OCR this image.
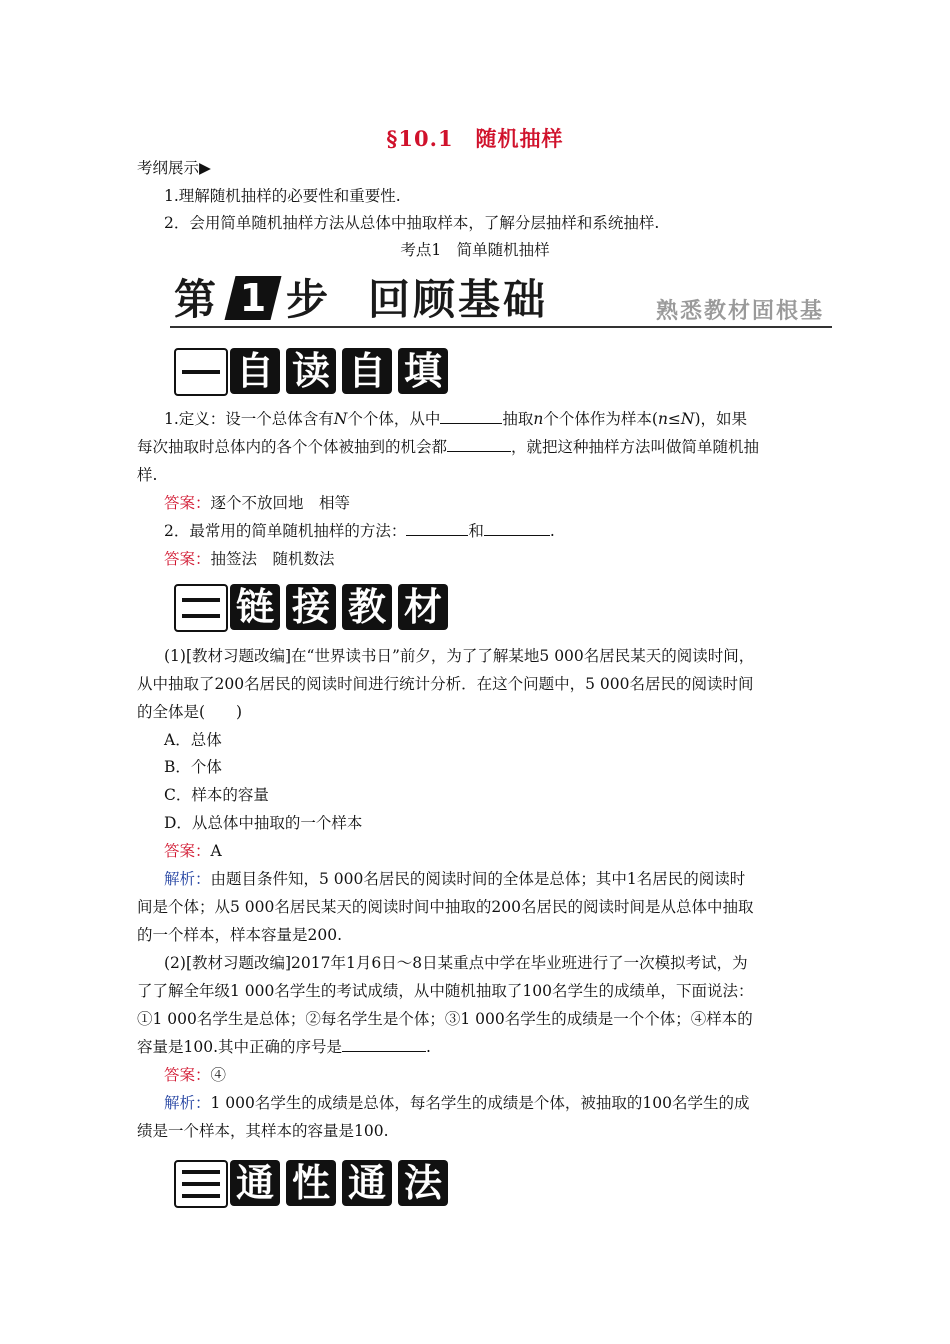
§10.1　随机抽样
考纲展示▶
1.理解随机抽样的必要性和重要性.
2．会用简单随机抽样方法从总体中抽取样本，了解分层抽样和系统抽样.
考点1　简单随机抽样
第 1 步 回顾基础	熟悉教材固根基
自 读 自 填
1.定义：设一个总体含有N个个体，从中	抽取n个个体作为样本(n≤N)，如果
每次抽取时总体内的各个个体被抽到的机会都	，就把这种抽样方法叫做简单随机抽
样.
答案：逐个不放回地　相等
2．最常用的简单随机抽样的方法：	和	.
答案：抽签法　随机数法
链 接 教 材
(1)[教材习题改编]在“世界读书日”前夕，为了了解某地5 000名居民某天的阅读时间，
从中抽取了200名居民的阅读时间进行统计分析．在这个问题中，5 000名居民的阅读时间
的全体是(　　)
A．总体
B．个体
C．样本的容量
D．从总体中抽取的一个样本
答案：A
解析：由题目条件知，5 000名居民的阅读时间的全体是总体；其中1名居民的阅读时
间是个体；从5 000名居民某天的阅读时间中抽取的200名居民的阅读时间是从总体中抽取
的一个样本，样本容量是200.
(2)[教材习题改编]2017年1月6日～8日某重点中学在毕业班进行了一次模拟考试，为
了了解全年级1 000名学生的考试成绩，从中随机抽取了100名学生的成绩单，下面说法：
①1 000名学生是总体；②每名学生是个体；③1 000名学生的成绩是一个个体；④样本的
容量是100.其中正确的序号是	.
答案：④
解析：1 000名学生的成绩是总体，每名学生的成绩是个体，被抽取的100名学生的成
绩是一个样本，其样本的容量是100.
通 性 通 法
